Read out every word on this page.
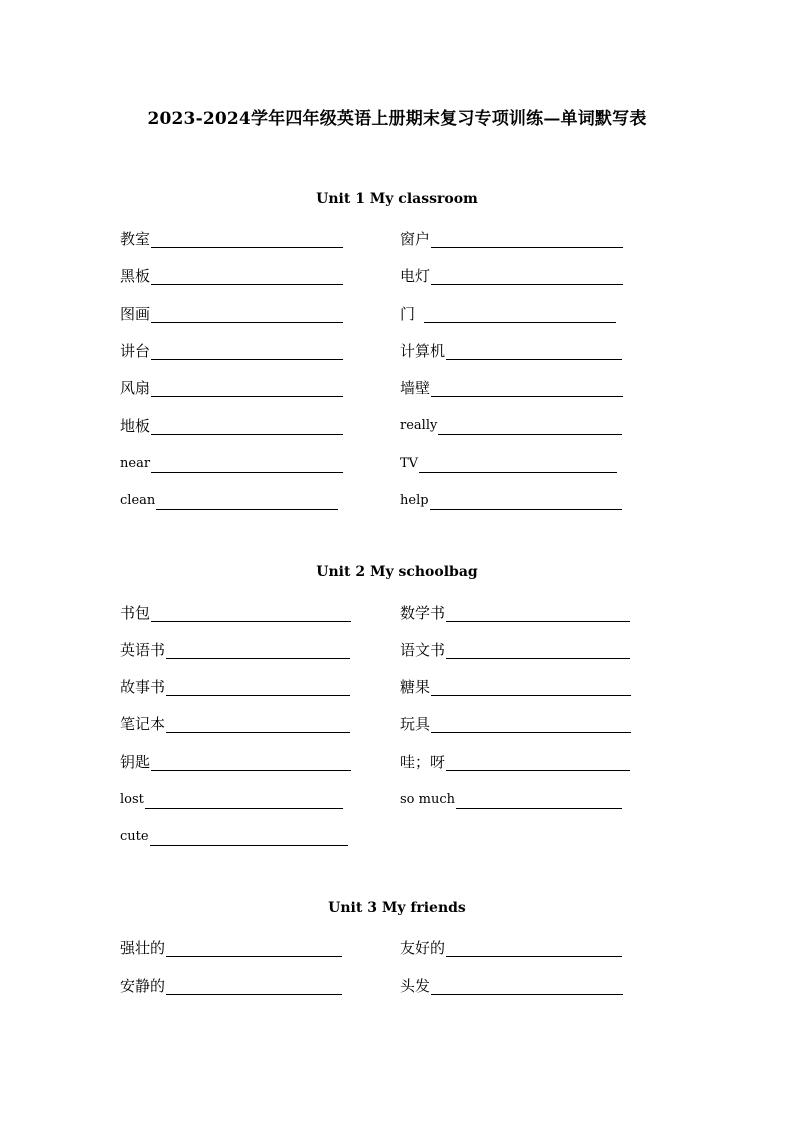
2023-2024学年四年级英语上册期末复习专项训练—单词默写表
Unit 1 My classroom
教室	窗户
黑板	电灯
图画	门
讲台	计算机
风扇	墙壁
地板	really
near	TV
clean	help
Unit 2 My schoolbag
书包	数学书
英语书	语文书
故事书	糖果
笔记本	玩具
钥匙	哇；呀
lost	so much
cute
Unit 3 My friends
强壮的	友好的
安静的	头发
